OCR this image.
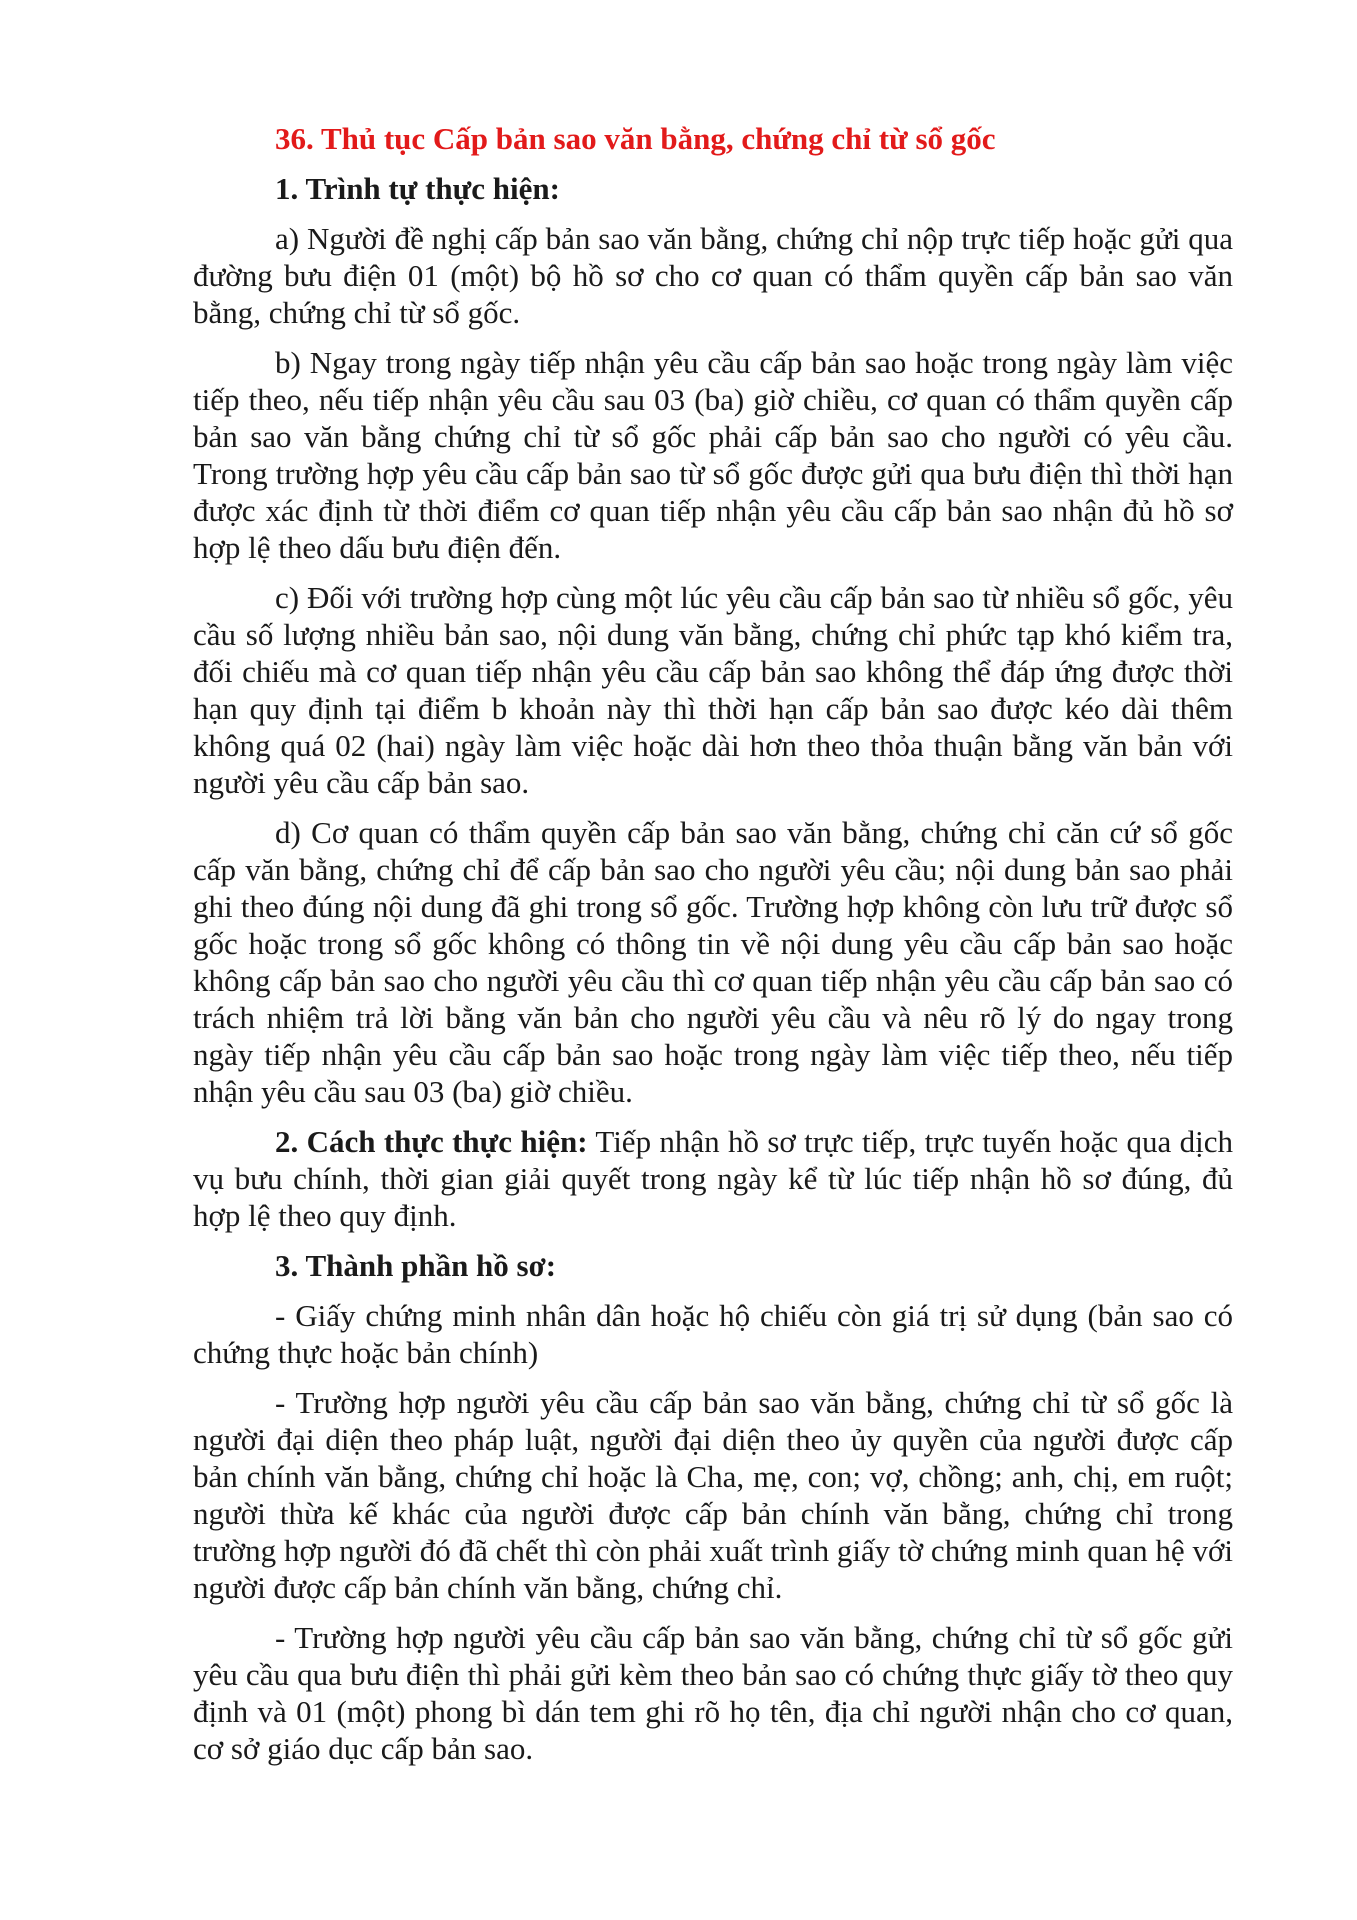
36. Thủ tục Cấp bản sao văn bằng, chứng chỉ từ sổ gốc
1. Trình tự thực hiện:

a) Người đề nghị cấp bản sao văn bằng, chứng chỉ nộp trực tiếp hoặc gửi qua đường bưu điện 01 (một) bộ hồ sơ cho cơ quan có thẩm quyền cấp bản sao văn bằng, chứng chỉ từ sổ gốc.

b) Ngay trong ngày tiếp nhận yêu cầu cấp bản sao hoặc trong ngày làm việc tiếp theo, nếu tiếp nhận yêu cầu sau 03 (ba) giờ chiều, cơ quan có thẩm quyền cấp bản sao văn bằng chứng chỉ từ sổ gốc phải cấp bản sao cho người có yêu cầu. Trong trường hợp yêu cầu cấp bản sao từ sổ gốc được gửi qua bưu điện thì thời hạn được xác định từ thời điểm cơ quan tiếp nhận yêu cầu cấp bản sao nhận đủ hồ sơ hợp lệ theo dấu bưu điện đến.

c) Đối với trường hợp cùng một lúc yêu cầu cấp bản sao từ nhiều sổ gốc, yêu cầu số lượng nhiều bản sao, nội dung văn bằng, chứng chỉ phức tạp khó kiểm tra, đối chiếu mà cơ quan tiếp nhận yêu cầu cấp bản sao không thể đáp ứng được thời hạn quy định tại điểm b khoản này thì thời hạn cấp bản sao được kéo dài thêm không quá 02 (hai) ngày làm việc hoặc dài hơn theo thỏa thuận bằng văn bản với người yêu cầu cấp bản sao.

d) Cơ quan có thẩm quyền cấp bản sao văn bằng, chứng chỉ căn cứ sổ gốc cấp văn bằng, chứng chỉ để cấp bản sao cho người yêu cầu; nội dung bản sao phải ghi theo đúng nội dung đã ghi trong sổ gốc. Trường hợp không còn lưu trữ được sổ gốc hoặc trong sổ gốc không có thông tin về nội dung yêu cầu cấp bản sao hoặc không cấp bản sao cho người yêu cầu thì cơ quan tiếp nhận yêu cầu cấp bản sao có trách nhiệm trả lời bằng văn bản cho người yêu cầu và nêu rõ lý do ngay trong ngày tiếp nhận yêu cầu cấp bản sao hoặc trong ngày làm việc tiếp theo, nếu tiếp nhận yêu cầu sau 03 (ba) giờ chiều.

2. Cách thực thực hiện: Tiếp nhận hồ sơ trực tiếp, trực tuyến hoặc qua dịch vụ bưu chính, thời gian giải quyết trong ngày kể từ lúc tiếp nhận hồ sơ đúng, đủ hợp lệ theo quy định.

3. Thành phần hồ sơ:

- Giấy chứng minh nhân dân hoặc hộ chiếu còn giá trị sử dụng (bản sao có chứng thực hoặc bản chính)

- Trường hợp người yêu cầu cấp bản sao văn bằng, chứng chỉ từ sổ gốc là người đại diện theo pháp luật, người đại diện theo ủy quyền của người được cấp bản chính văn bằng, chứng chỉ hoặc là Cha, mẹ, con; vợ, chồng; anh, chị, em ruột; người thừa kế khác của người được cấp bản chính văn bằng, chứng chỉ trong trường hợp người đó đã chết thì còn phải xuất trình giấy tờ chứng minh quan hệ với người được cấp bản chính văn bằng, chứng chỉ.

- Trường hợp người yêu cầu cấp bản sao văn bằng, chứng chỉ từ sổ gốc gửi yêu cầu qua bưu điện thì phải gửi kèm theo bản sao có chứng thực giấy tờ theo quy định và 01 (một) phong bì dán tem ghi rõ họ tên, địa chỉ người nhận cho cơ quan, cơ sở giáo dục cấp bản sao.
